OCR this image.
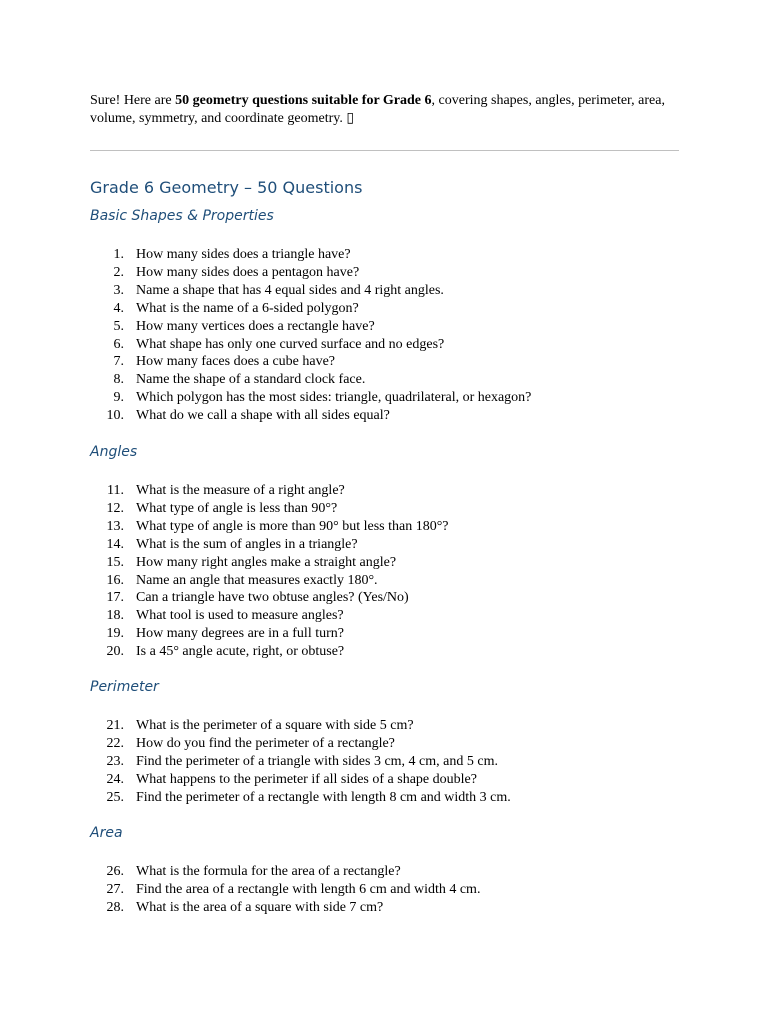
Sure! Here are 50 geometry questions suitable for Grade 6, covering shapes, angles, perimeter, area, volume, symmetry, and coordinate geometry. ▯

Grade 6 Geometry – 50 Questions
Basic Shapes & Properties
1. How many sides does a triangle have?
2. How many sides does a pentagon have?
3. Name a shape that has 4 equal sides and 4 right angles.
4. What is the name of a 6-sided polygon?
5. How many vertices does a rectangle have?
6. What shape has only one curved surface and no edges?
7. How many faces does a cube have?
8. Name the shape of a standard clock face.
9. Which polygon has the most sides: triangle, quadrilateral, or hexagon?
10. What do we call a shape with all sides equal?
Angles
11. What is the measure of a right angle?
12. What type of angle is less than 90°?
13. What type of angle is more than 90° but less than 180°?
14. What is the sum of angles in a triangle?
15. How many right angles make a straight angle?
16. Name an angle that measures exactly 180°.
17. Can a triangle have two obtuse angles? (Yes/No)
18. What tool is used to measure angles?
19. How many degrees are in a full turn?
20. Is a 45° angle acute, right, or obtuse?
Perimeter
21. What is the perimeter of a square with side 5 cm?
22. How do you find the perimeter of a rectangle?
23. Find the perimeter of a triangle with sides 3 cm, 4 cm, and 5 cm.
24. What happens to the perimeter if all sides of a shape double?
25. Find the perimeter of a rectangle with length 8 cm and width 3 cm.
Area
26. What is the formula for the area of a rectangle?
27. Find the area of a rectangle with length 6 cm and width 4 cm.
28. What is the area of a square with side 7 cm?
